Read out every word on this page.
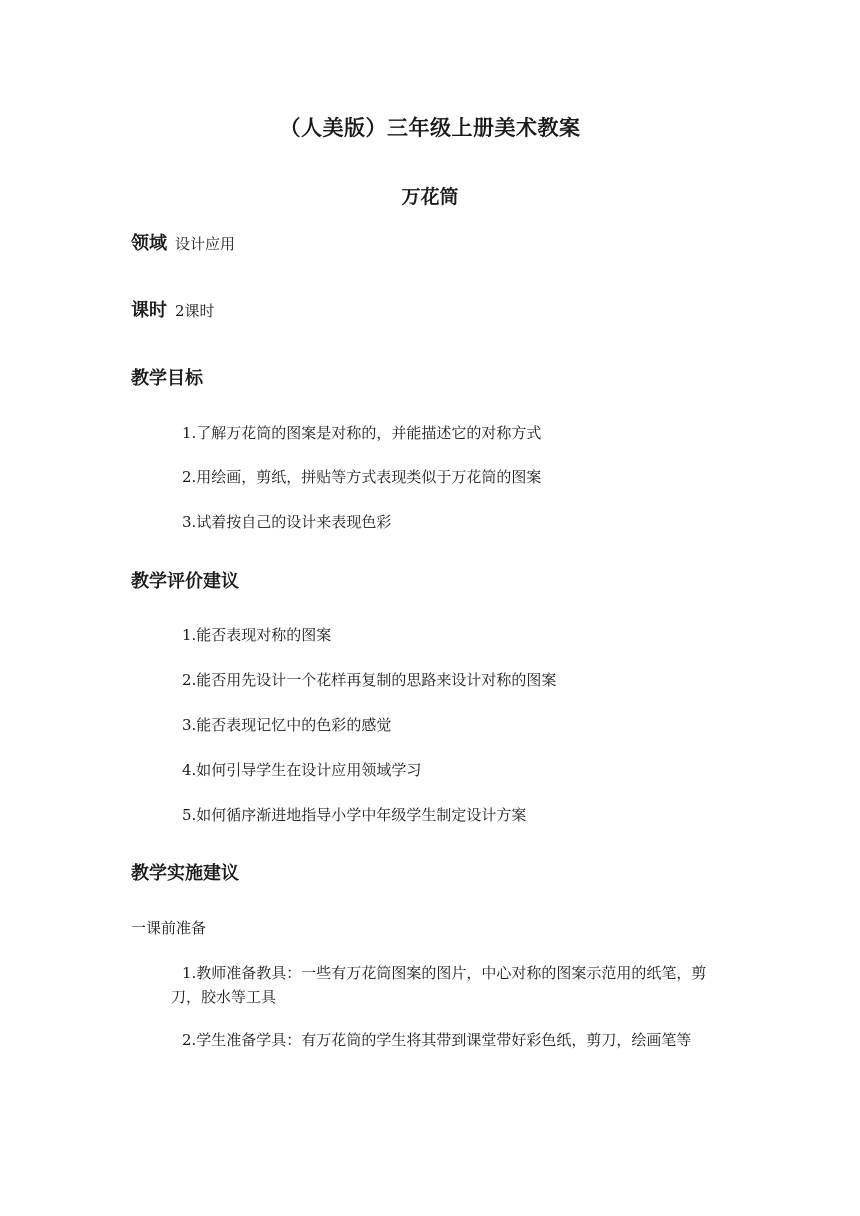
（人美版）三年级上册美术教案
万花筒
领域 设计应用
课时 2课时
教学目标
1.了解万花筒的图案是对称的，并能描述它的对称方式
2.用绘画，剪纸，拼贴等方式表现类似于万花筒的图案
3.试着按自己的设计来表现色彩
教学评价建议
1.能否表现对称的图案
2.能否用先设计一个花样再复制的思路来设计对称的图案
3.能否表现记忆中的色彩的感觉
4.如何引导学生在设计应用领域学习
5.如何循序渐进地指导小学中年级学生制定设计方案
教学实施建议
一课前准备
1.教师准备教具：一些有万花筒图案的图片，中心对称的图案示范用的纸笔，剪刀，胶水等工具
2.学生准备学具：有万花筒的学生将其带到课堂带好彩色纸，剪刀，绘画笔等
